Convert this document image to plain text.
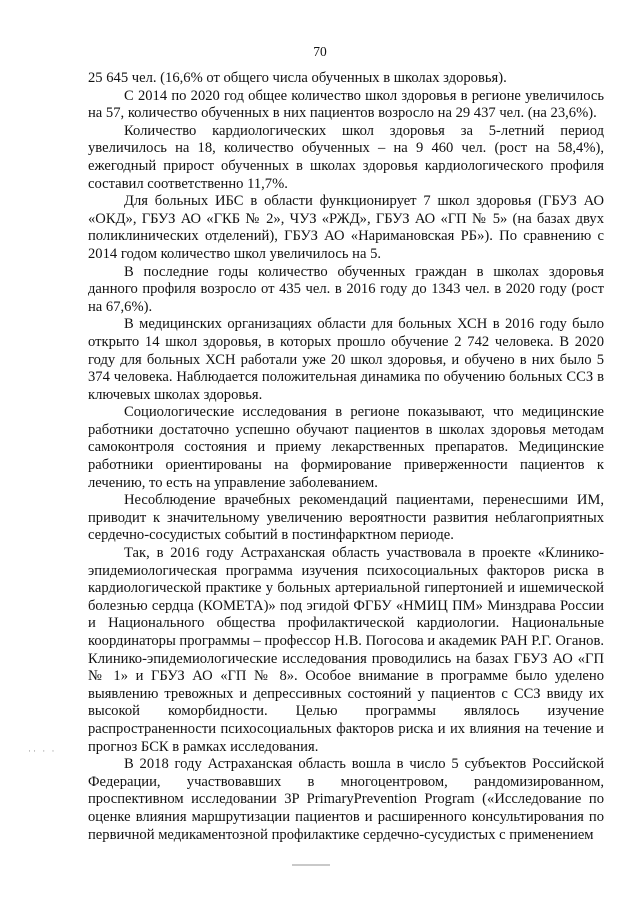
70

25 645 чел. (16,6% от общего числа обученных в школах здоровья).

С 2014 по 2020 год общее количество школ здоровья в регионе увеличилось на 57, количество обученных в них пациентов возросло на 29 437 чел. (на 23,6%).

Количество кардиологических школ здоровья за 5-летний период увеличилось на 18, количество обученных – на 9 460 чел. (рост на 58,4%), ежегодный прирост обученных в школах здоровья кардиологического профиля составил соответственно 11,7%.

Для больных ИБС в области функционирует 7 школ здоровья (ГБУЗ АО «ОКД», ГБУЗ АО «ГКБ № 2», ЧУЗ «РЖД», ГБУЗ АО «ГП № 5» (на базах двух поликлинических отделений), ГБУЗ АО «Наримановская РБ»). По сравнению с 2014 годом количество школ увеличилось на 5.

В последние годы количество обученных граждан в школах здоровья данного профиля возросло от 435 чел. в 2016 году до 1343 чел. в 2020 году (рост на 67,6%).

В медицинских организациях области для больных ХСН в 2016 году было открыто 14 школ здоровья, в которых прошло обучение 2 742 человека. В 2020 году для больных ХСН работали уже 20 школ здоровья, и обучено в них было 5 374 человека. Наблюдается положительная динамика по обучению больных ССЗ в ключевых школах здоровья.

Социологические исследования в регионе показывают, что медицинские работники достаточно успешно обучают пациентов в школах здоровья методам самоконтроля состояния и приему лекарственных препаратов. Медицинские работники ориентированы на формирование приверженности пациентов к лечению, то есть на управление заболеванием.

Несоблюдение врачебных рекомендаций пациентами, перенесшими ИМ, приводит к значительному увеличению вероятности развития неблагоприятных сердечно-сосудистых событий в постинфарктном периоде.

Так, в 2016 году Астраханская область участвовала в проекте «Клинико-эпидемиологическая программа изучения психосоциальных факторов риска в кардиологической практике у больных артериальной гипертонией и ишемической болезнью сердца (КОМЕТА)» под эгидой ФГБУ «НМИЦ ПМ» Минздрава России и Национального общества профилактической кардиологии. Национальные координаторы программы – профессор Н.В. Погосова и академик РАН Р.Г. Оганов. Клинико-эпидемиологические исследования проводились на базах ГБУЗ АО «ГП № 1» и ГБУЗ АО «ГП № 8». Особое внимание в программе было уделено выявлению тревожных и депрессивных состояний у пациентов с ССЗ ввиду их высокой коморбидности. Целью программы являлось изучение распространенности психосоциальных факторов риска и их влияния на течение и прогноз БСК в рамках исследования.

В 2018 году Астраханская область вошла в число 5 субъектов Российской Федерации, участвовавших в многоцентровом, рандомизированном, проспективном исследовании 3P PrimaryPrevention Program («Исследование по оценке влияния маршрутизации пациентов и расширенного консультирования по первичной медикаментозной профилактике сердечно-сусудистых с применением

·· · ·
